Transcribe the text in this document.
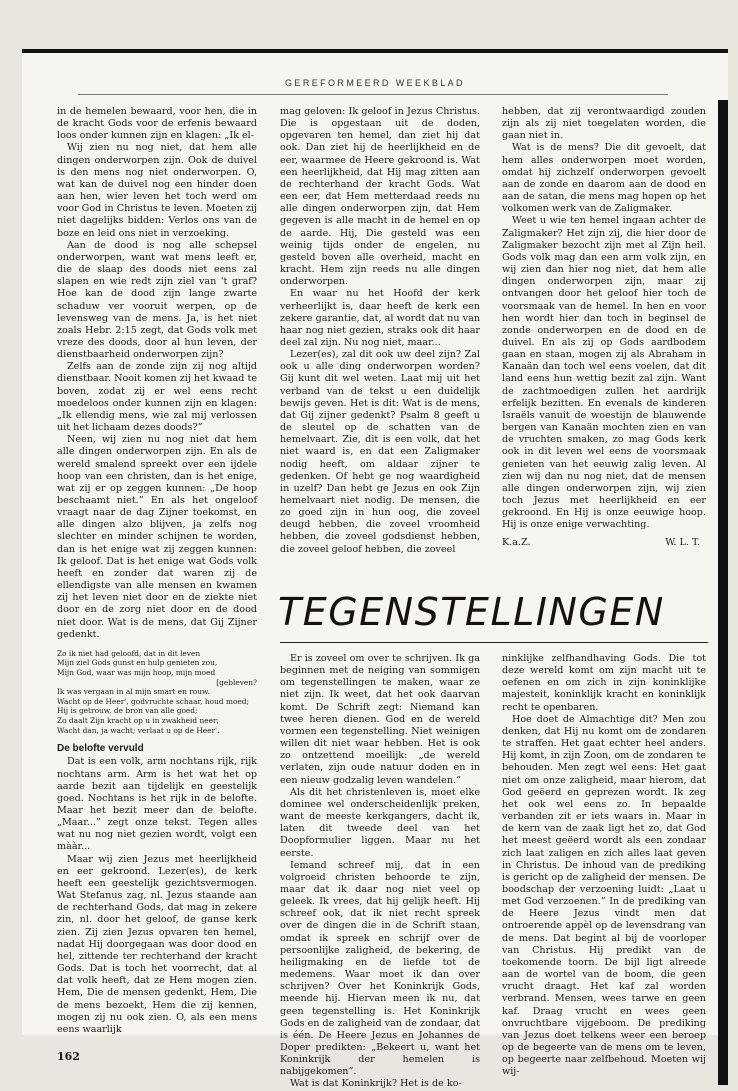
GEREFORMEERD WEEKBLAD

in de hemelen bewaard, voor hen, die in de kracht Gods voor de erfenis bewaard loos onder kunnen zijn en klagen: „Ik el-

Wij zien nu nog niet, dat hem alle dingen onderworpen zijn. Ook de duivel is den mens nog niet onderworpen. O, wat kan de duivel nog een hinder doen aan hen, wier leven het toch werd om voor God in Christus te leven. Moeten zij niet dagelijks bidden: Verlos ons van de boze en leid ons niet in verzoeking.

Aan de dood is nog alle schepsel onderworpen, want wat mens leeft er, die de slaap des doods niet eens zal slapen en wie redt zijn ziel van 't graf? Hoe kan de dood zijn lange zwarte schaduw ver vooruit werpen, op de levensweg van de mens. Ja, is het niet zoals Hebr. 2:15 zegt, dat Gods volk met vreze des doods, door al hun leven, der dienstbaarheid onderworpen zijn?

Zelfs aan de zonde zijn zij nog altijd dienstbaar. Nooit komen zij het kwaad te boven, zodat zij er wel eens recht moedeloos onder kunnen zijn en klagen: „Ik ellendig mens, wie zal mij verlossen uit het lichaam dezes doods?”

Neen, wij zien nu nog niet dat hem alle dingen onderworpen zijn. En als de wereld smalend spreekt over een ijdele hoop van een christen, dan is het enige, wat zij er op zeggen kunnen: „De hoop beschaamt niet.” En als het ongeloof vraagt naar de dag Zijner toekomst, en alle dingen alzo blijven, ja zelfs nog slechter en minder schijnen te worden, dan is het enige wat zij zeggen kunnen: Ik geloof. Dat is het enige wat Gods volk heeft en zonder dat waren zij de ellendigste van alle mensen en kwamen zij het leven niet door en de ziekte niet door en de zorg niet door en de dood niet door. Wat is de mens, dat Gij Zijner gedenkt.

Zo ik niet had geloofd, dat in dit leven
Mijn ziel Gods gunst en hulp genieten zou,
Mijn God, waar was mijn hoop, mijn moed
[gebleven?
Ik was vergaan in al mijn smart en rouw.
Wacht op de Heer', godvruchte schaar, houd moed;
Hij is getrouw, de bron van alle goed;
Zo daalt Zijn kracht op u in zwakheid neer;
Wacht dan, ja wacht; verlaat u op de Heer'.
De belofte vervuld

Dat is een volk, arm nochtans rijk, rijk nochtans arm. Arm is het wat het op aarde bezit aan tijdelijk en geestelijk goed. Nochtans is het rijk in de belofte. Maar het bezit meer dan de belofte. „Maar...” zegt onze tekst. Tegen alles wat nu nog niet gezien wordt, volgt een mààr...

Maar wij zien Jezus met heerlijkheid en eer gekroond. Lezer(es), de kerk heeft een geestelijk gezichtsvermogen. Wat Stefanus zag, nl. Jezus staande aan de rechterhand Gods, dat mag in zekere zin, nl. door het geloof, de ganse kerk zien. Zij zien Jezus opvaren ten hemel, nadat Hij doorgegaan was door dood en hel, zittende ter rechterhand der kracht Gods. Dat is toch het voorrecht, dat al dat volk heeft, dat ze Hem mogen zien. Hem, Die de mensen gedenkt, Hem, Die de mens bezoekt, Hem die zij kennen, mogen zij nu ook zien. O, als een mens eens waarlijk

mag geloven: Ik geloof in Jezus Christus. Die is opgestaan uit de doden, opgevaren ten hemel, dan ziet hij dat ook. Dan ziet hij de heerlijkheid en de eer, waarmee de Heere gekroond is. Wat een heerlijkheid, dat Hij mag zitten aan de rechterhand der kracht Gods. Wat een eer, dat Hem metterdaad reeds nu alle dingen onderworpen zijn, dat Hem gegeven is alle macht in de hemel en op de aarde. Hij, Die gesteld was een weinig tijds onder de engelen, nu gesteld boven alle overheid, macht en kracht. Hem zijn reeds nu alle dingen onderworpen.

En waar nu het Hoofd der kerk verheerlijkt is, daar heeft de kerk een zekere garantie, dat, al wordt dat nu van haar nog niet gezien, straks ook dit haar deel zal zijn. Nu nog niet, maar...

Lezer(es), zal dit ook uw deel zijn? Zal ook u alle ding onderworpen worden? Gij kunt dit wel weten. Laat mij uit het verband van de tekst u een duidelijk bewijs geven. Het is dit: Wat is de mens, dat Gij zijner gedenkt? Psalm 8 geeft u de sleutel op de schatten van de hemelvaart. Zie, dit is een volk, dat het niet waard is, en dat een Zaligmaker nodig heeft, om aldaar zijner te gedenken. Of hebt ge nog waardigheid in uzelf? Dan hebt ge Jezus en ook Zijn hemelvaart niet nodig. De mensen, die zo goed zijn in hun oog, die zoveel deugd hebben, die zoveel vroomheid hebben, die zoveel godsdienst hebben, die zoveel geloof hebben, die zoveel

hebben, dat zij verontwaardigd zouden zijn als zij niet toegelaten worden, die gaan niet in.

Wat is de mens? Die dit gevoelt, dat hem alles onderworpen moet worden, omdat hij zichzelf onderworpen gevoelt aan de zonde en daarom aan de dood en aan de satan, die mens mag hopen op het volkomen werk van de Zaligmaker.

Weet u wie ten hemel ingaan achter de Zaligmaker? Het zijn zij, die hier door de Zaligmaker bezocht zijn met al Zijn heil. Gods volk mag dan een arm volk zijn, en wij zien dan hier nog niet, dat hem alle dingen onderworpen zijn, maar zij ontvangen door het geloof hier toch de voorsmaak van de hemel. In hen en voor hen wordt hier dan toch in beginsel de zonde onderworpen en de dood en de duivel. En als zij op Gods aardbodem gaan en staan, mogen zij als Abraham in Kanaän dan toch wel eens voelen, dat dit land eens hun wettig bezit zal zijn. Want de zachtmoedigen zullen het aardrijk erfelijk bezitten. En evenals de kinderen Israëls vanuit de woestijn de blauwende bergen van Kanaän mochten zien en van de vruchten smaken, zo mag Gods kerk ook in dit leven wel eens de voorsmaak genieten van het eeuwig zalig leven. Al zien wij dan nu nog niet, dat de mensen alle dingen onderworpen zijn, wij zien toch Jezus met heerlijkheid en eer gekroond. En Hij is onze eeuwige hoop. Hij is onze enige verwachting.

K.a.Z.	W. L. T.
TEGENSTELLINGEN

Er is zoveel om over te schrijven. Ik ga beginnen met de neiging van sommigen om tegenstellingen te maken, waar ze niet zijn. Ik weet, dat het ook daarvan komt. De Schrift zegt: Niemand kan twee heren dienen. God en de wereld vormen een tegenstelling. Niet weinigen willen dit niet waar hebben. Het is ook zo ontzettend moeilijk: „de wereld verlaten, zijn oude natuur doden en in een nieuw godzalig leven wandelen.”

Als dit het christenleven is, moet elke dominee wel onderscheidenlijk preken, want de meeste kerkgangers, dacht ik, laten dit tweede deel van het Doopformulier liggen. Maar nu het eerste.

Iemand schreef mij, dat in een volgroeid christen behoorde te zijn, maar dat ik daar nog niet veel op geleek. Ik vrees, dat hij gelijk heeft. Hij schreef ook, dat ik niet recht spreek over de dingen die in de Schrift staan, omdat ik spreek en schrijf over de persoonlijke zaligheid, de bekering, de heiligmaking en de liefde tot de medemens. Waar moet ik dan over schrijven? Over het Koninkrijk Gods, meende hij. Hiervan meen ik nu, dat geen tegenstelling is. Het Koninkrijk Gods en de zaligheid van de zondaar, dat is één. De Heere Jezus en Johannes de Doper predikten: „Bekeert u, want het Koninkrijk der hemelen is nabijgekomen”.

Wat is dat Koninkrijk? Het is de ko-

ninklijke zelfhandhaving Gods. Die tot deze wereld komt om zijn macht uit te oefenen en om zich in zijn koninklijke majesteit, koninklijk kracht en koninklijk recht te openbaren.

Hoe doet de Almachtige dit? Men zou denken, dat Hij nu komt om de zondaren te straffen. Het gaat echter heel anders. Hij komt, in zijn Zoon, om de zondaren te behouden. Men zegt wel eens: Het gaat niet om onze zaligheid, maar hierom, dat God geëerd en geprezen wordt. Ik zeg het ook wel eens zo. In bepaalde verbanden zit er iets waars in. Maar in de kern van de zaak ligt het zo, dat God het meest geëerd wordt als een zondaar zich laat zaligen en zich alles laat geven in Christus. De inhoud van de prediking is gericht op de zaligheid der mensen. De boodschap der verzoening luidt: „Laat u met God verzoenen.” In de prediking van de Heere Jezus vindt men dat ontroerende appèl op de levensdrang van de mens. Dat begint al bij de voorloper van Christus. Hij predikt van de toekomende toorn. De bijl ligt alreede aan de wortel van de boom, die geen vrucht draagt. Het kaf zal worden verbrand. Mensen, wees tarwe en geen kaf. Draag vrucht en wees geen onvruchtbare vijgeboom. De prediking van Jezus doet telkens weer een beroep op de begeerte van de mens om te leven, op begeerte naar zelfbehoud. Moeten wij wij-

162
